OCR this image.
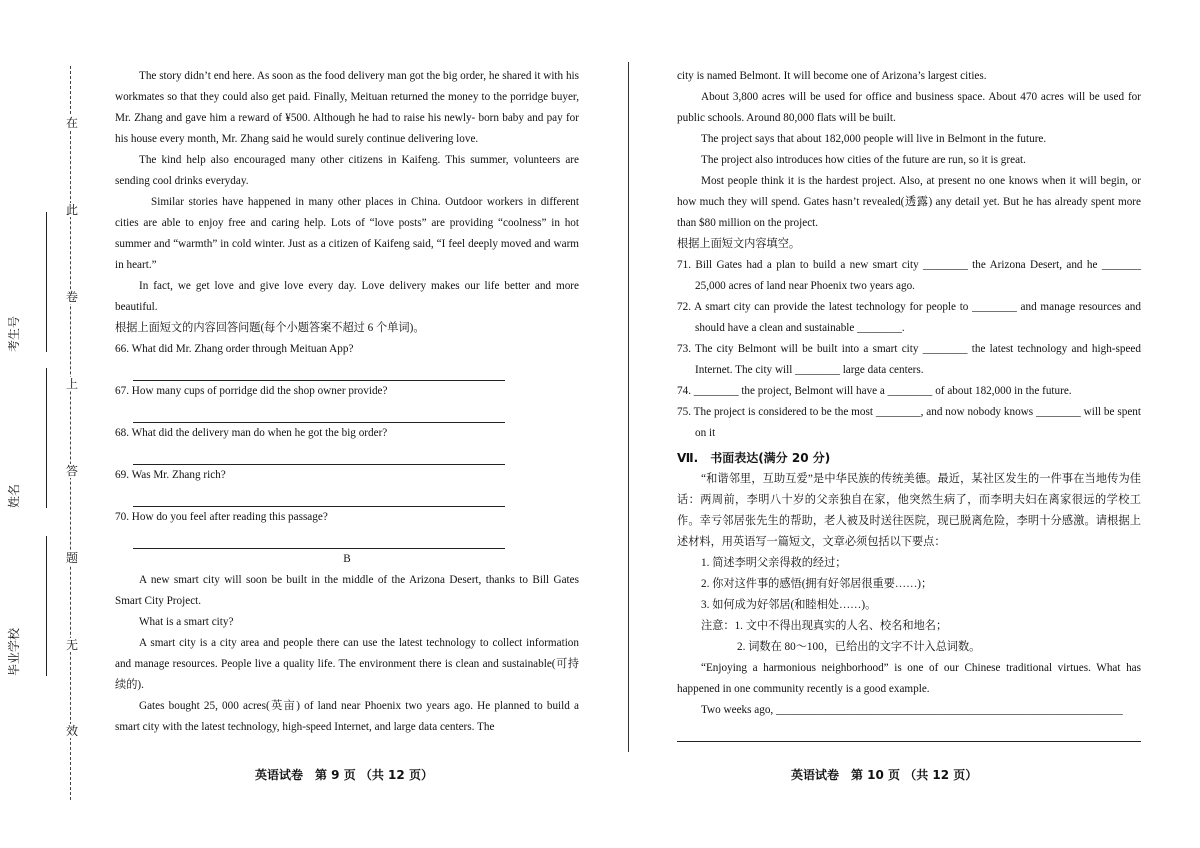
在
此
卷
上
答
题
无
效
考生号
姓名
毕业学校

The story didn’t end here. As soon as the food delivery man got the big order, he shared it with his workmates so that they could also get paid. Finally, Meituan returned the money to the porridge buyer, Mr. Zhang and gave him a reward of ¥500. Although he had to raise his newly- born baby and pay for his house every month, Mr. Zhang said he would surely continue delivering love.

The kind help also encouraged many other citizens in Kaifeng. This summer, volunteers are sending cool drinks everyday.

Similar stories have happened in many other places in China. Outdoor workers in different cities are able to enjoy free and caring help. Lots of “love posts” are providing “coolness” in hot summer and “warmth” in cold winter. Just as a citizen of Kaifeng said, “I feel deeply moved and warm in heart.”

In fact, we get love and give love every day. Love delivery makes our life better and more beautiful.

根据上面短文的内容回答问题(每个小题答案不超过 6 个单词)。

66. What did Mr. Zhang order through Meituan App?

67. How many cups of porridge did the shop owner provide?

68. What did the delivery man do when he got the big order?

69. Was Mr. Zhang rich?

70. How do you feel after reading this passage?

B

A new smart city will soon be built in the middle of the Arizona Desert, thanks to Bill Gates Smart City Project.

What is a smart city?

A smart city is a city area and people there can use the latest technology to collect information and manage resources. People live a quality life. The environment there is clean and sustainable(可持续的).

Gates bought 25, 000 acres(英亩) of land near Phoenix two years ago. He planned to build a smart city with the latest technology, high-speed Internet, and large data centers. The

city is named Belmont. It will become one of Arizona’s largest cities.

About 3,800 acres will be used for office and business space. About 470 acres will be used for public schools. Around 80,000 flats will be built.

The project says that about 182,000 people will live in Belmont in the future.

The project also introduces how cities of the future are run, so it is great.

Most people think it is the hardest project. Also, at present no one knows when it will begin, or how much they will spend. Gates hasn’t revealed(透露) any detail yet. But he has already spent more than $80 million on the project.

根据上面短文内容填空。

71. Bill Gates had a plan to build a new smart city ________ the Arizona Desert, and he _______ 25,000 acres of land near Phoenix two years ago.

72. A smart city can provide the latest technology for people to ________ and manage resources and should have a clean and sustainable ________.

73. The city Belmont will be built into a smart city ________ the latest technology and high-speed Internet. The city will ________ large data centers.

74. ________ the project, Belmont will have a ________ of about 182,000 in the future.

75. The project is considered to be the most ________, and now nobody knows ________ will be spent on it

Ⅶ.　书面表达(满分 20 分)

“和谐邻里，互助互爱”是中华民族的传统美德。最近，某社区发生的一件事在当地传为佳话：两周前，李明八十岁的父亲独自在家，他突然生病了，而李明夫妇在离家很远的学校工作。幸亏邻居张先生的帮助，老人被及时送往医院，现已脱离危险，李明十分感激。请根据上述材料，用英语写一篇短文，文章必须包括以下要点：

1. 简述李明父亲得救的经过；

2. 你对这件事的感悟(拥有好邻居很重要……)；

3. 如何成为好邻居(和睦相处……)。

注意：1. 文中不得出现真实的人名、校名和地名；

2. 词数在 80～100，已给出的文字不计入总词数。

“Enjoying a harmonious neighborhood” is one of our Chinese traditional virtues. What has happened in one community recently is a good example.

Two weeks ago, ______________________________________________________________

英语试卷　第 9 页 （共 12 页）	英语试卷　第 10 页 （共 12 页）
